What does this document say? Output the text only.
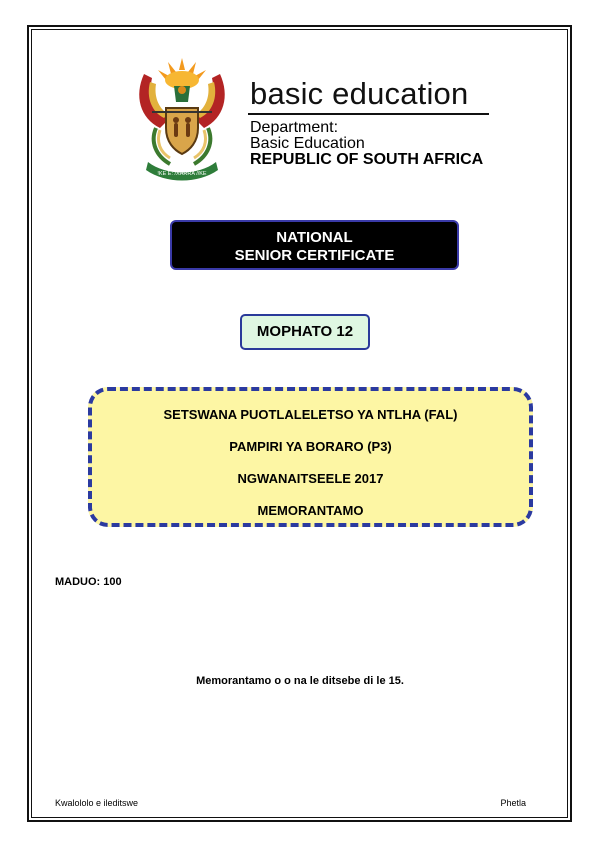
!KE E: /XARRA //KE
basic education
Department:
Basic Education
REPUBLIC OF SOUTH AFRICA
NATIONAL
SENIOR CERTIFICATE
MOPHATO 12
SETSWANA PUOTLALELETSO YA NTLHA (FAL)
PAMPIRI YA BORARO (P3)
NGWANAITSEELE 2017
MEMORANTAMO
MADUO: 100
Memorantamo o o na le ditsebe di le 15.
Kwalololo e ileditswe	Phetla
